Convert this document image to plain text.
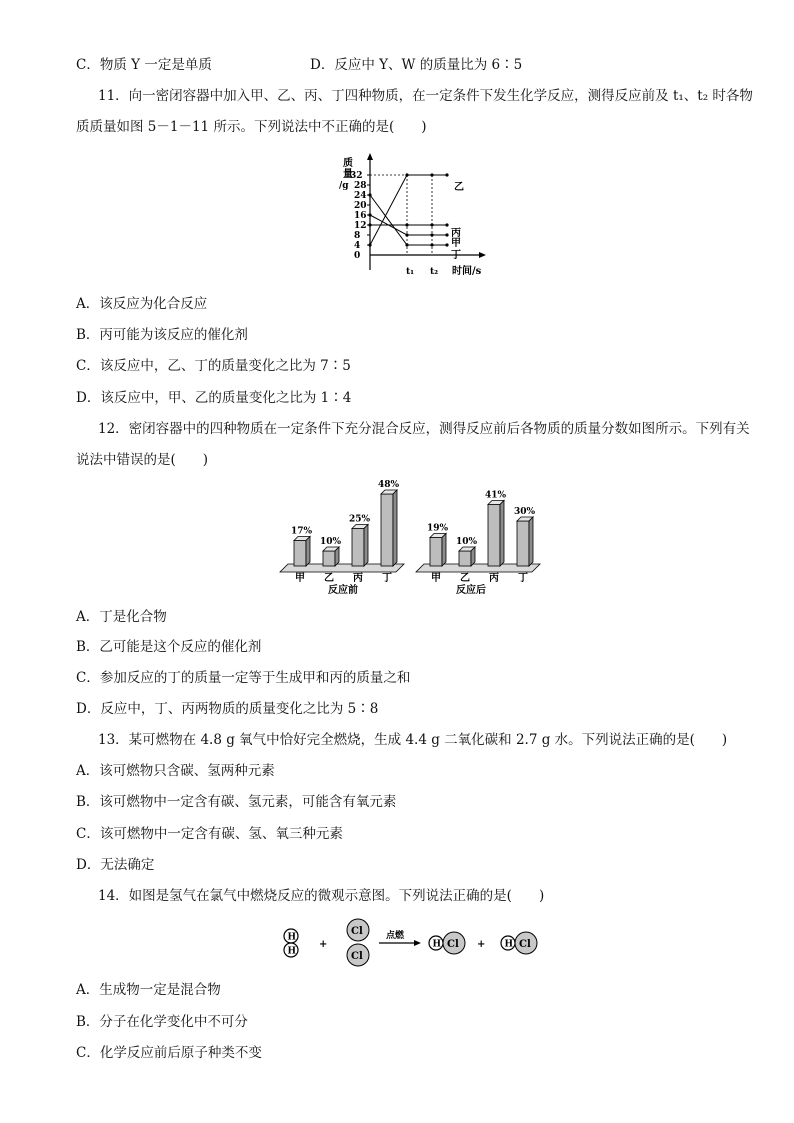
C．物质 Y 一定是单质	D．反应中 Y、W 的质量比为 6∶5
11．向一密闭容器中加入甲、乙、丙、丁四种物质，在一定条件下发生化学反应，测得反应前及 t₁、t₂ 时各物
质质量如图 5－1－11 所示。下列说法中不正确的是(　　)
32
28
24
20
16
12
8
4
0
质
量
/g
时间/s
t₁ t₂
乙
丙
甲
丁
A．该反应为化合反应
B．丙可能为该反应的催化剂
C．该反应中，乙、丁的质量变化之比为 7∶5
D．该反应中，甲、乙的质量变化之比为 1∶4
12．密闭容器中的四种物质在一定条件下充分混合反应，测得反应前后各物质的质量分数如图所示。下列有关
说法中错误的是(　　)
17%
甲
10%
乙
25%
丙
48%
丁
19%
甲
10%
乙
41%
丙
30%
丁
反应前	反应后
A．丁是化合物
B．乙可能是这个反应的催化剂
C．参加反应的丁的质量一定等于生成甲和丙的质量之和
D．反应中，丁、丙两物质的质量变化之比为 5∶8
13．某可燃物在 4.8 g 氧气中恰好完全燃烧，生成 4.4 g 二氧化碳和 2.7 g 水。下列说法正确的是(　　)
A．该可燃物只含碳、氢两种元素
B．该可燃物中一定含有碳、氢元素，可能含有氧元素
C．该可燃物中一定含有碳、氢、氧三种元素
D．无法确定
14．如图是氢气在氯气中燃烧反应的微观示意图。下列说法正确的是(　　)
H
H
+
Cl
Cl
点燃
H Cl + H Cl
A．生成物一定是混合物
B．分子在化学变化中不可分
C．化学反应前后原子种类不变
